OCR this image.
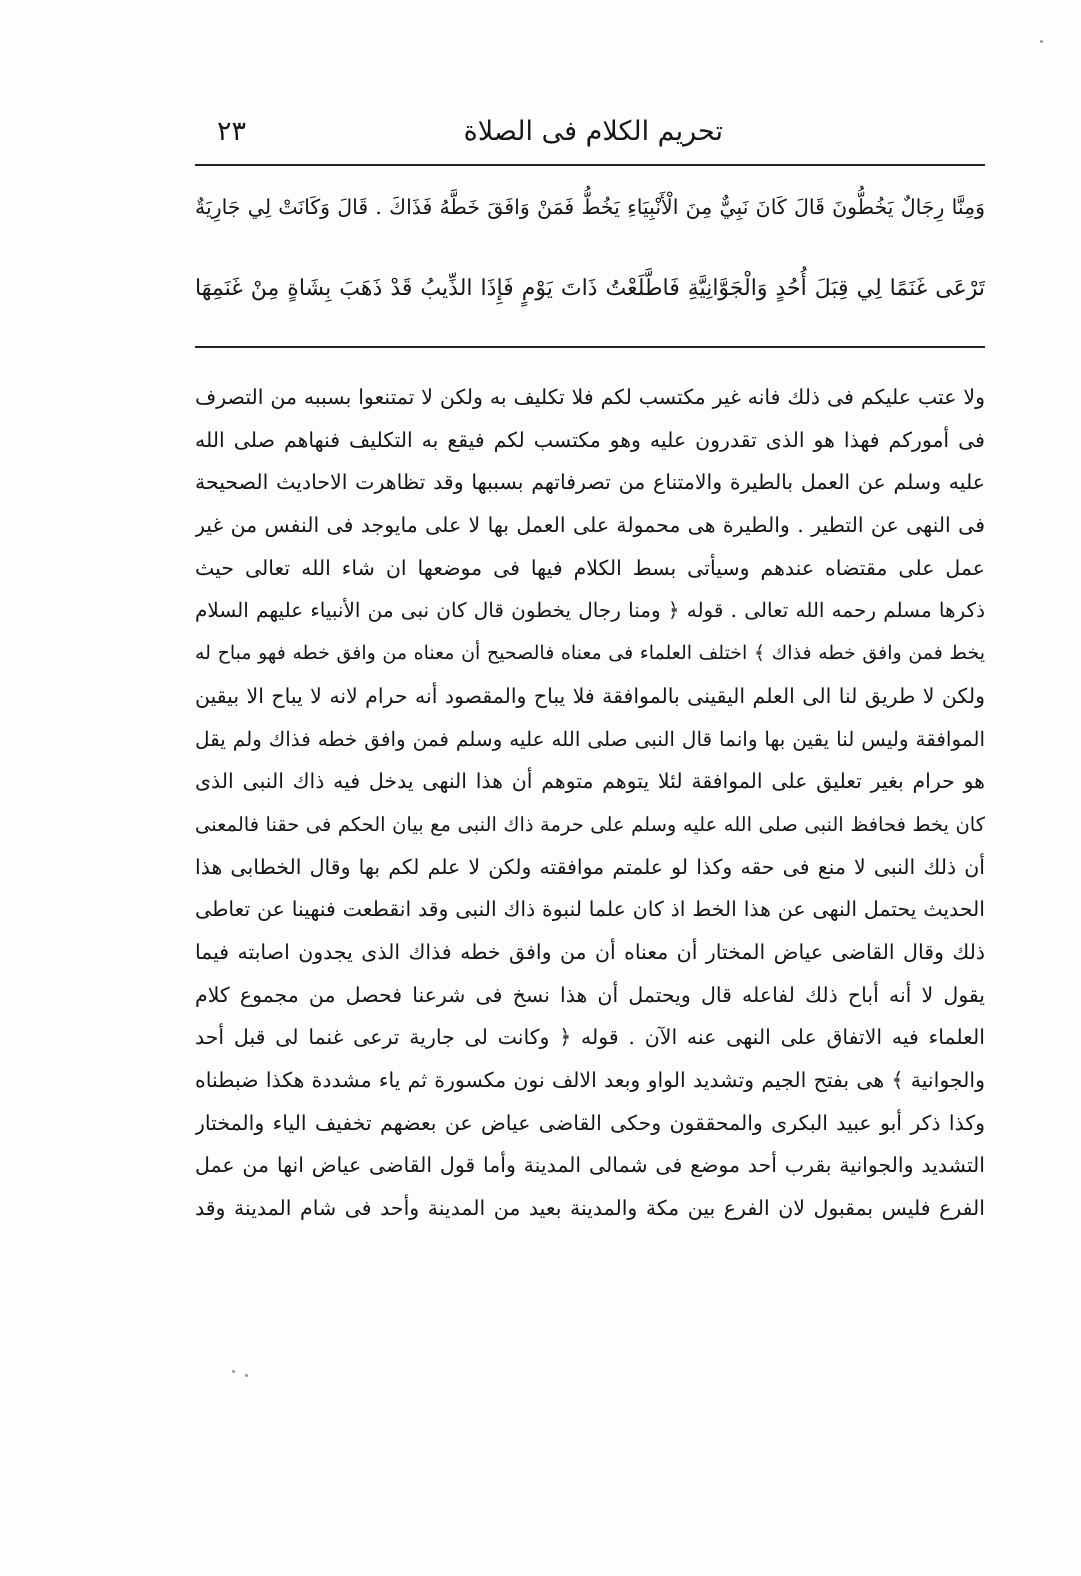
تحريم الكلام فى الصلاة
٢٣
وَمِنَّا رِجَالٌ يَخُطُّونَ قَالَ كَانَ نَبِيٌّ مِنَ الْأَنْبِيَاءِ يَخُطُّ فَمَنْ وَافَقَ خَطَّهُ فَذَاكَ . قَالَ وَكَانَتْ لِي جَارِيَةٌ
تَرْعَى غَنَمًا لِي قِبَلَ أُحُدٍ وَالْجَوَّانِيَّةِ فَاطَّلَعْتُ ذَاتَ يَوْمٍ فَإِذَا الذِّيبُ قَدْ ذَهَبَ بِشَاةٍ مِنْ غَنَمِهَا
ولا عتب عليكم فى ذلك فانه غير مكتسب لكم فلا تكليف به ولكن لا تمتنعوا بسببه من التصرف
فى أموركم فهذا هو الذى تقدرون عليه وهو مكتسب لكم فيقع به التكليف فنهاهم صلى الله
عليه وسلم عن العمل بالطيرة والامتناع من تصرفاتهم بسببها وقد تظاهرت الاحاديث الصحيحة
فى النهى عن التطير . والطيرة هى محمولة على العمل بها لا على مايوجد فى النفس من غير
عمل على مقتضاه عندهم وسيأتى بسط الكلام فيها فى موضعها ان شاء الله تعالى حيث
ذكرها مسلم رحمه الله تعالى . قوله ﴿ ومنا رجال يخطون قال كان نبى من الأنبياء عليهم السلام
يخط فمن وافق خطه فذاك ﴾ اختلف العلماء فى معناه فالصحيح أن معناه من وافق خطه فهو مباح له
ولكن لا طريق لنا الى العلم اليقينى بالموافقة فلا يباح والمقصود أنه حرام لانه لا يباح الا بيقين
الموافقة وليس لنا يقين بها وانما قال النبى صلى الله عليه وسلم فمن وافق خطه فذاك ولم يقل
هو حرام بغير تعليق على الموافقة لئلا يتوهم متوهم أن هذا النهى يدخل فيه ذاك النبى الذى
كان يخط فحافظ النبى صلى الله عليه وسلم على حرمة ذاك النبى مع بيان الحكم فى حقنا فالمعنى
أن ذلك النبى لا منع فى حقه وكذا لو علمتم موافقته ولكن لا علم لكم بها وقال الخطابى هذا
الحديث يحتمل النهى عن هذا الخط اذ كان علما لنبوة ذاك النبى وقد انقطعت فنهينا عن تعاطى
ذلك وقال القاضى عياض المختار أن معناه أن من وافق خطه فذاك الذى يجدون اصابته فيما
يقول لا أنه أباح ذلك لفاعله قال ويحتمل أن هذا نسخ فى شرعنا فحصل من مجموع كلام
العلماء فيه الاتفاق على النهى عنه الآن . قوله ﴿ وكانت لى جارية ترعى غنما لى قبل أحد
والجوانية ﴾ هى بفتح الجيم وتشديد الواو وبعد الالف نون مكسورة ثم ياء مشددة هكذا ضبطناه
وكذا ذكر أبو عبيد البكرى والمحققون وحكى القاضى عياض عن بعضهم تخفيف الياء والمختار
التشديد والجوانية بقرب أحد موضع فى شمالى المدينة وأما قول القاضى عياض انها من عمل
الفرع فليس بمقبول لان الفرع بين مكة والمدينة بعيد من المدينة وأحد فى شام المدينة وقد
